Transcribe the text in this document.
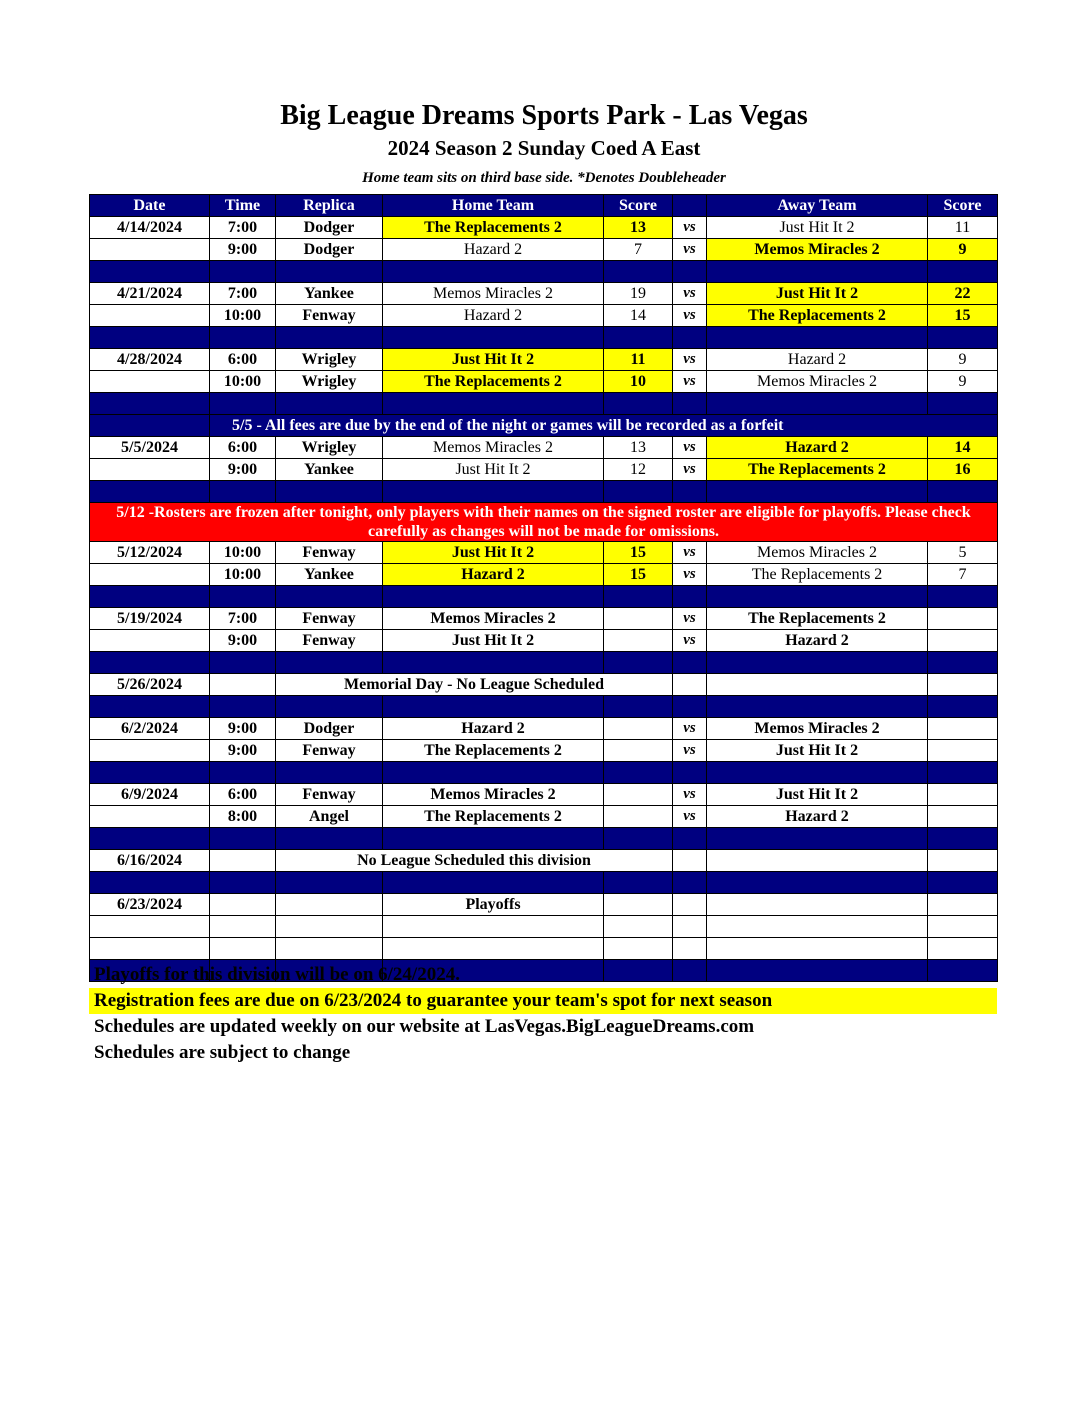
Big League Dreams Sports Park - Las Vegas
2024 Season 2 Sunday Coed A East
Home team sits on third base side. *Denotes Doubleheader
Date	Time	Replica	Home Team	Score		Away Team	Score
4/14/2024	7:00	Dodger	The Replacements 2	13	vs	Just Hit It 2	11
	9:00	Dodger	Hazard 2	7	vs	Memos Miracles 2	9

4/21/2024	7:00	Yankee	Memos Miracles 2	19	vs	Just Hit It 2	22
	10:00	Fenway	Hazard 2	14	vs	The Replacements 2	15

4/28/2024	6:00	Wrigley	Just Hit It 2	11	vs	Hazard 2	9
	10:00	Wrigley	The Replacements 2	10	vs	Memos Miracles 2	9

	5/5 - All fees are due by the end of the night or games will be recorded as a forfeit						
5/5/2024	6:00	Wrigley	Memos Miracles 2	13	vs	Hazard 2	14
	9:00	Yankee	Just Hit It 2	12	vs	The Replacements 2	16

5/12 -Rosters are frozen after tonight, only players with their names on the signed roster are eligible for playoffs. Please check carefully as changes will not be made for omissions.							
5/12/2024	10:00	Fenway	Just Hit It 2	15	vs	Memos Miracles 2	5
	10:00	Yankee	Hazard 2	15	vs	The Replacements 2	7

5/19/2024	7:00	Fenway	Memos Miracles 2		vs	The Replacements 2	
	9:00	Fenway	Just Hit It 2		vs	Hazard 2	

5/26/2024		Memorial Day - No League Scheduled					

6/2/2024	9:00	Dodger	Hazard 2		vs	Memos Miracles 2	
	9:00	Fenway	The Replacements 2		vs	Just Hit It 2	

6/9/2024	6:00	Fenway	Memos Miracles 2		vs	Just Hit It 2	
	8:00	Angel	The Replacements 2		vs	Hazard 2	

6/16/2024		No League Scheduled this division					

6/23/2024			Playoffs				

Playoffs for this division will be on 6/24/2024.
Registration fees are due on 6/23/2024 to guarantee your team's spot for next season
Schedules are updated weekly on our website at LasVegas.BigLeagueDreams.com
Schedules are subject to change
